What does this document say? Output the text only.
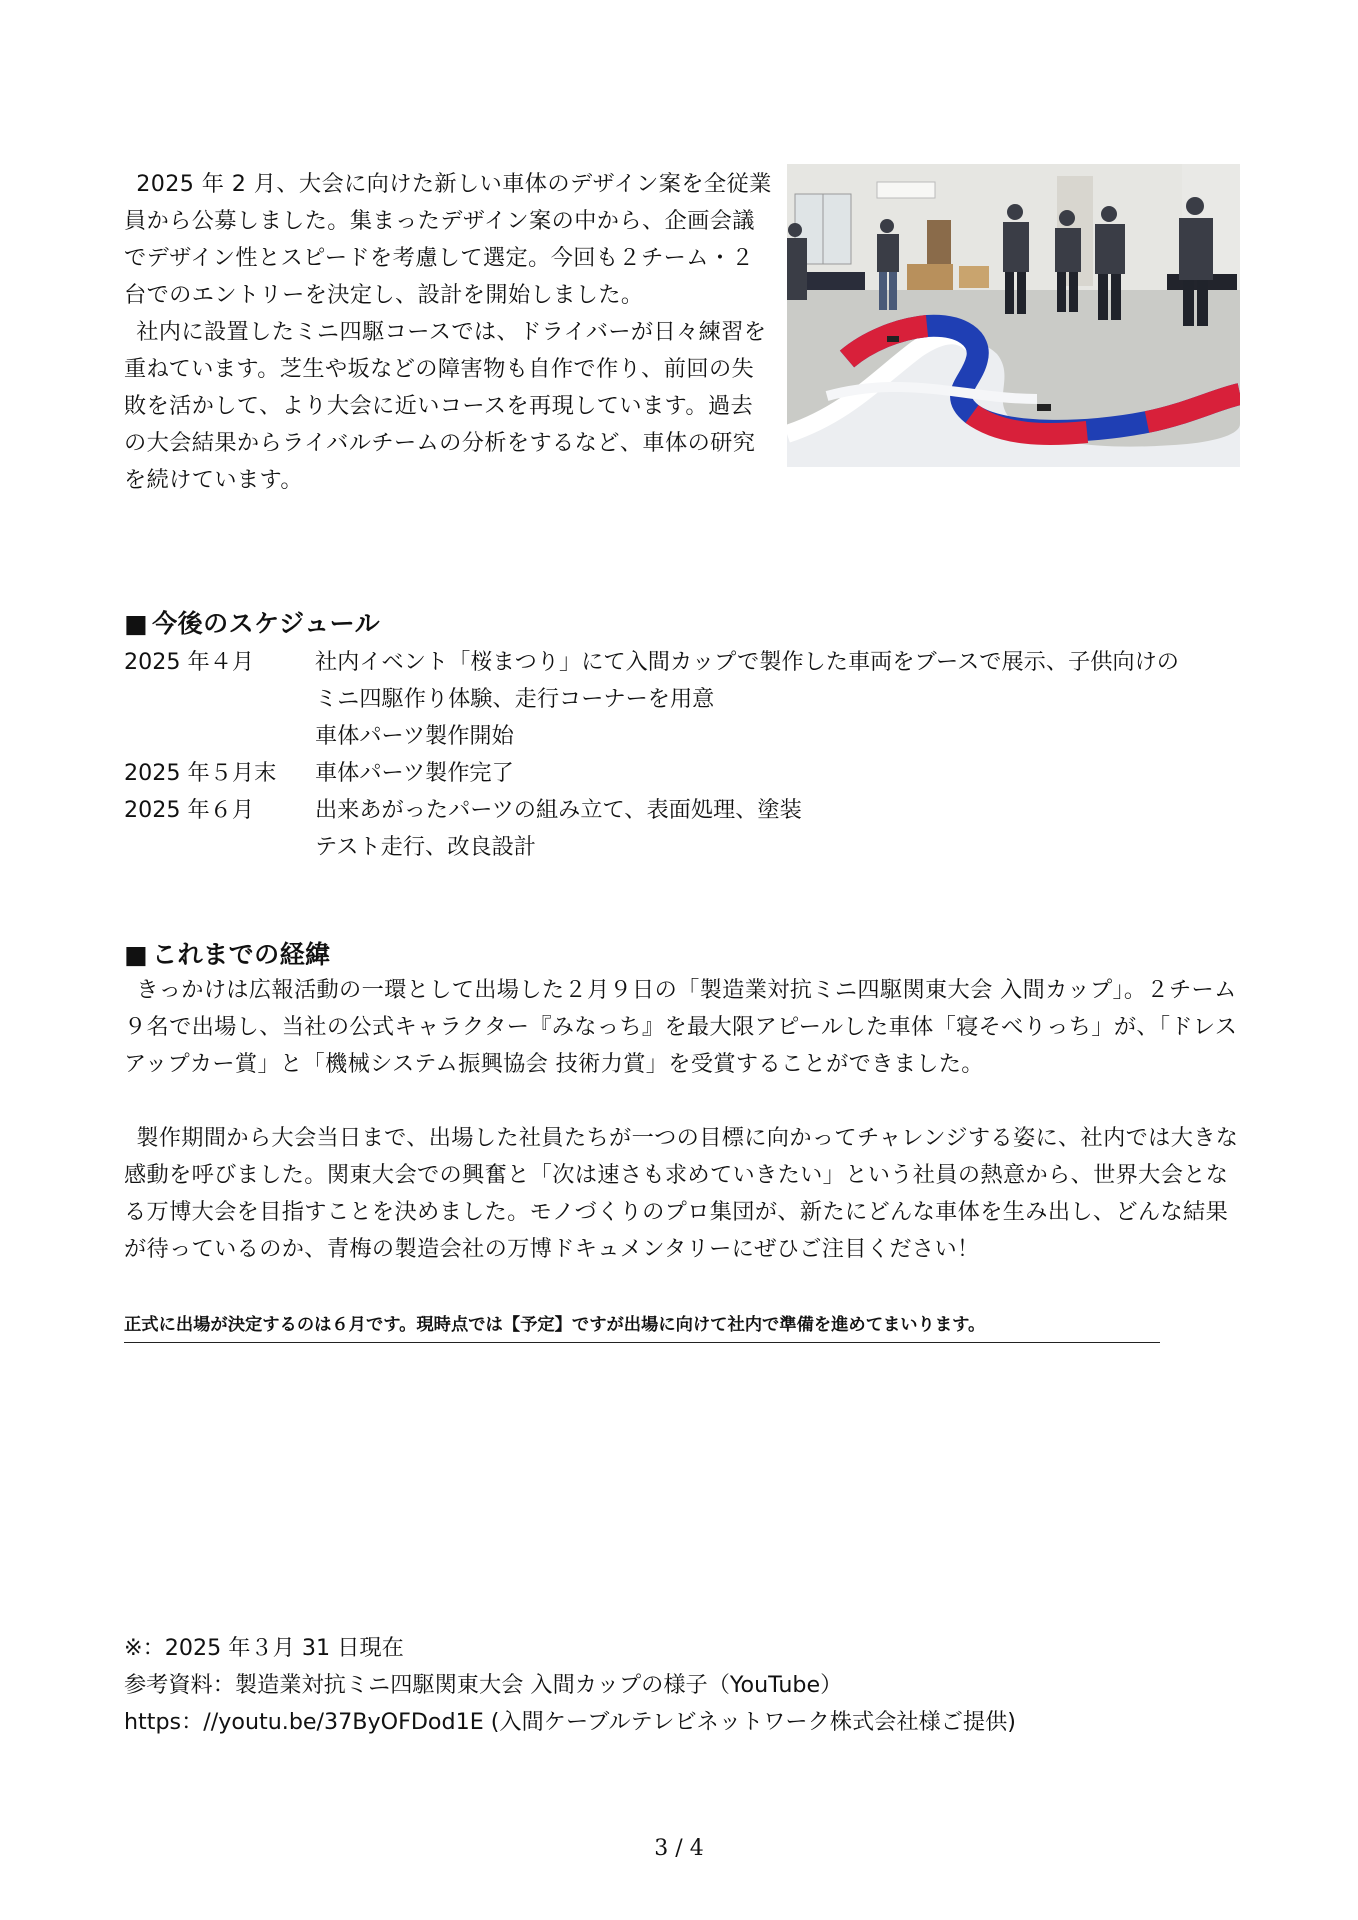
2025 年 2 月、大会に向けた新しい車体のデザイン案を全従業員から公募しました。集まったデザイン案の中から、企画会議でデザイン性とスピードを考慮して選定。今回も２チーム・２台でのエントリーを決定し、設計を開始しました。

社内に設置したミニ四駆コースでは、ドライバーが日々練習を重ねています。芝生や坂などの障害物も自作で作り、前回の失敗を活かして、より大会に近いコースを再現しています。過去の大会結果からライバルチームの分析をするなど、車体の研究を続けています。

■ 今後のスケジュール
2025 年４月	社内イベント「桜まつり」にて入間カップで製作した車両をブースで展示、子供向けの
ミニ四駆作り体験、走行コーナーを用意
車体パーツ製作開始
2025 年５月末	車体パーツ製作完了
2025 年６月	出来あがったパーツの組み立て、表面処理、塗装
テスト走行、改良設計
■ これまでの経緯

きっかけは広報活動の一環として出場した２月９日の「製造業対抗ミニ四駆関東大会 入間カップ」。２チーム９名で出場し、当社の公式キャラクター『みなっち』を最大限アピールした車体「寝そべりっち」が、「ドレスアップカー賞」と「機械システム振興協会 技術力賞」を受賞することができました。

製作期間から大会当日まで、出場した社員たちが一つの目標に向かってチャレンジする姿に、社内では大きな感動を呼びました。関東大会での興奮と「次は速さも求めていきたい」という社員の熱意から、世界大会となる万博大会を目指すことを決めました。モノづくりのプロ集団が、新たにどんな車体を生み出し、どんな結果が待っているのか、青梅の製造会社の万博ドキュメンタリーにぜひご注目ください！

正式に出場が決定するのは６月です。現時点では【予定】ですが出場に向けて社内で準備を進めてまいります。
※：2025 年３月 31 日現在
参考資料：製造業対抗ミニ四駆関東大会 入間カップの様子（YouTube）
https：//youtu.be/37ByOFDod1E (入間ケーブルテレビネットワーク株式会社様ご提供)
3 / 4
